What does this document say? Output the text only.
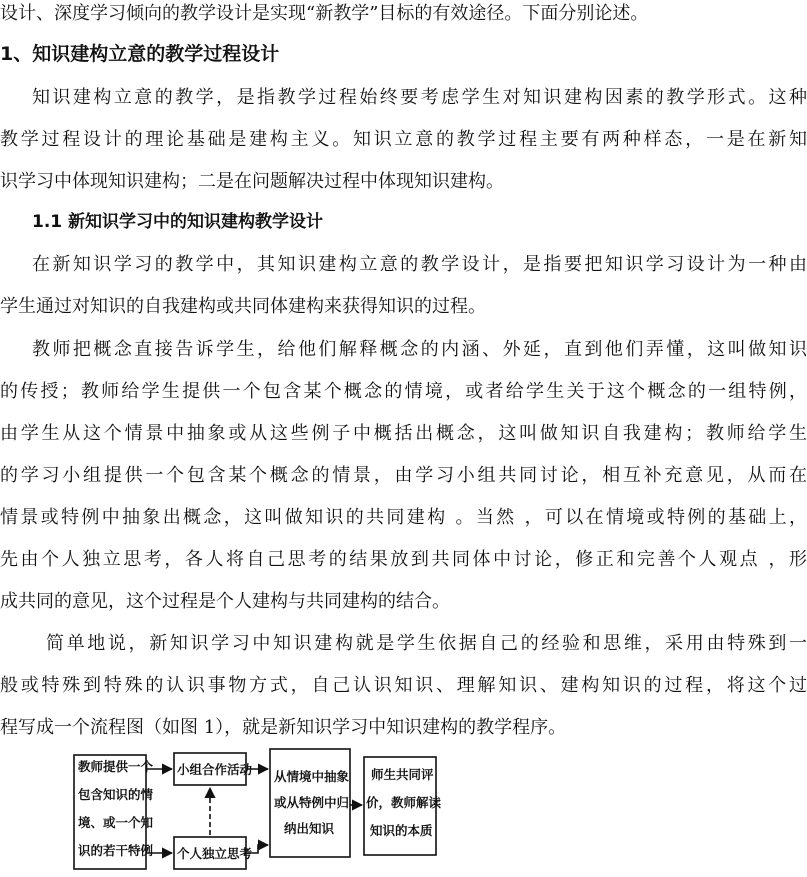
设计、深度学习倾向的教学设计是实现“新教学”目标的有效途径。下面分别论述。
1、知识建构立意的教学过程设计
知识建构立意的教学，是指教学过程始终要考虑学生对知识建构因素的教学形式。这种
教学过程设计的理论基础是建构主义。知识立意的教学过程主要有两种样态，一是在新知
识学习中体现知识建构；二是在问题解决过程中体现知识建构。
1.1 新知识学习中的知识建构教学设计
在新知识学习的教学中，其知识建构立意的教学设计，是指要把知识学习设计为一种由
学生通过对知识的自我建构或共同体建构来获得知识的过程。
教师把概念直接告诉学生，给他们解释概念的内涵、外延，直到他们弄懂，这叫做知识
的传授；教师给学生提供一个包含某个概念的情境，或者给学生关于这个概念的一组特例，
由学生从这个情景中抽象或从这些例子中概括出概念，这叫做知识自我建构；教师给学生
的学习小组提供一个包含某个概念的情景，由学习小组共同讨论，相互补充意见，从而在
情景或特例中抽象出概念，这叫做知识的共同建构 。当然 ，可以在情境或特例的基础上，
先由个人独立思考，各人将自己思考的结果放到共同体中讨论，修正和完善个人观点 ，形
成共同的意见，这个过程是个人建构与共同建构的结合。
简单地说，新知识学习中知识建构就是学生依据自己的经验和思维，采用由特殊到一
般或特殊到特殊的认识事物方式，自己认识知识、理解知识、建构知识的过程，将这个过
程写成一个流程图（如图 1），就是新知识学习中知识建构的教学程序。
教师提供一个
包含知识的情
境、或一个知
识的若干特例
小组合作活动
个人独立思考
从情境中抽象
或从特例中归
纳出知识
师生共同评
价，教师解读
知识的本质
